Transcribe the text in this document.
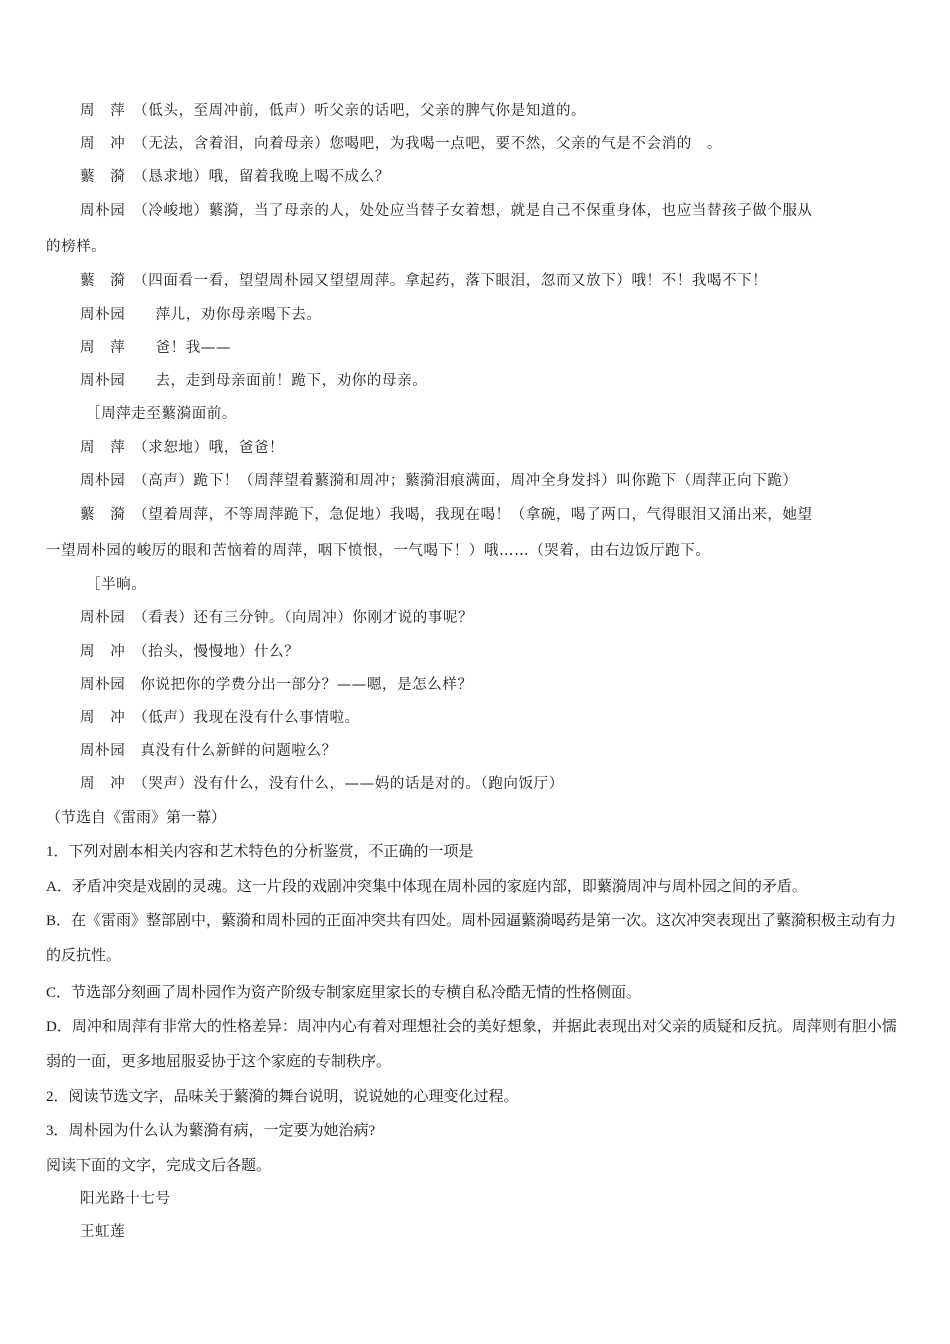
周　萍　（低头，至周冲前，低声）听父亲的话吧，父亲的脾气你是知道的。
周　冲　（无法，含着泪，向着母亲）您喝吧，为我喝一点吧，要不然，父亲的气是不会消的　。
蘩　漪　（恳求地）哦，留着我晚上喝不成么？
周朴园　（冷峻地）蘩漪，当了母亲的人，处处应当替子女着想，就是自己不保重身体，也应当替孩子做个服从
的榜样。
蘩　漪　（四面看一看，望望周朴园又望望周萍。拿起药，落下眼泪，忽而又放下）哦！不！我喝不下！
周朴园　　萍儿，劝你母亲喝下去。
周　萍　　爸！我——
周朴园　　去，走到母亲面前！跪下，劝你的母亲。
［周萍走至蘩漪面前。
周　萍　（求恕地）哦，爸爸！
周朴园　（高声）跪下！（周萍望着蘩漪和周冲；蘩漪泪痕满面，周冲全身发抖）叫你跪下（周萍正向下跪）
蘩　漪　（望着周萍，不等周萍跪下，急促地）我喝，我现在喝！（拿碗，喝了两口，气得眼泪又涌出来，她望
一望周朴园的峻厉的眼和苦恼着的周萍，咽下愤恨，一气喝下！）哦……（哭着，由右边饭厅跑下。
［半晌。
周朴园　（看表）还有三分钟。（向周冲）你刚才说的事呢？
周　冲　（抬头，慢慢地）什么？
周朴园　你说把你的学费分出一部分？——嗯，是怎么样？
周　冲　（低声）我现在没有什么事情啦。
周朴园　真没有什么新鲜的问题啦么？
周　冲　（哭声）没有什么，没有什么，——妈的话是对的。（跑向饭厅）
（节选自《雷雨》第一幕）
1．下列对剧本相关内容和艺术特色的分析鉴赏，不正确的一项是
A．矛盾冲突是戏剧的灵魂。这一片段的戏剧冲突集中体现在周朴园的家庭内部，即蘩漪周冲与周朴园之间的矛盾。
B．在《雷雨》整部剧中，蘩漪和周朴园的正面冲突共有四处。周朴园逼蘩漪喝药是第一次。这次冲突表现出了蘩漪积极主动有力的反抗性。
C．节选部分刻画了周朴园作为资产阶级专制家庭里家长的专横自私冷酷无情的性格侧面。
D．周冲和周萍有非常大的性格差异：周冲内心有着对理想社会的美好想象，并据此表现出对父亲的质疑和反抗。周萍则有胆小懦弱的一面，更多地屈服妥协于这个家庭的专制秩序。
2．阅读节选文字，品味关于蘩漪的舞台说明，说说她的心理变化过程。
3．周朴园为什么认为蘩漪有病，一定要为她治病?
阅读下面的文字，完成文后各题。
阳光路十七号
王虹莲
